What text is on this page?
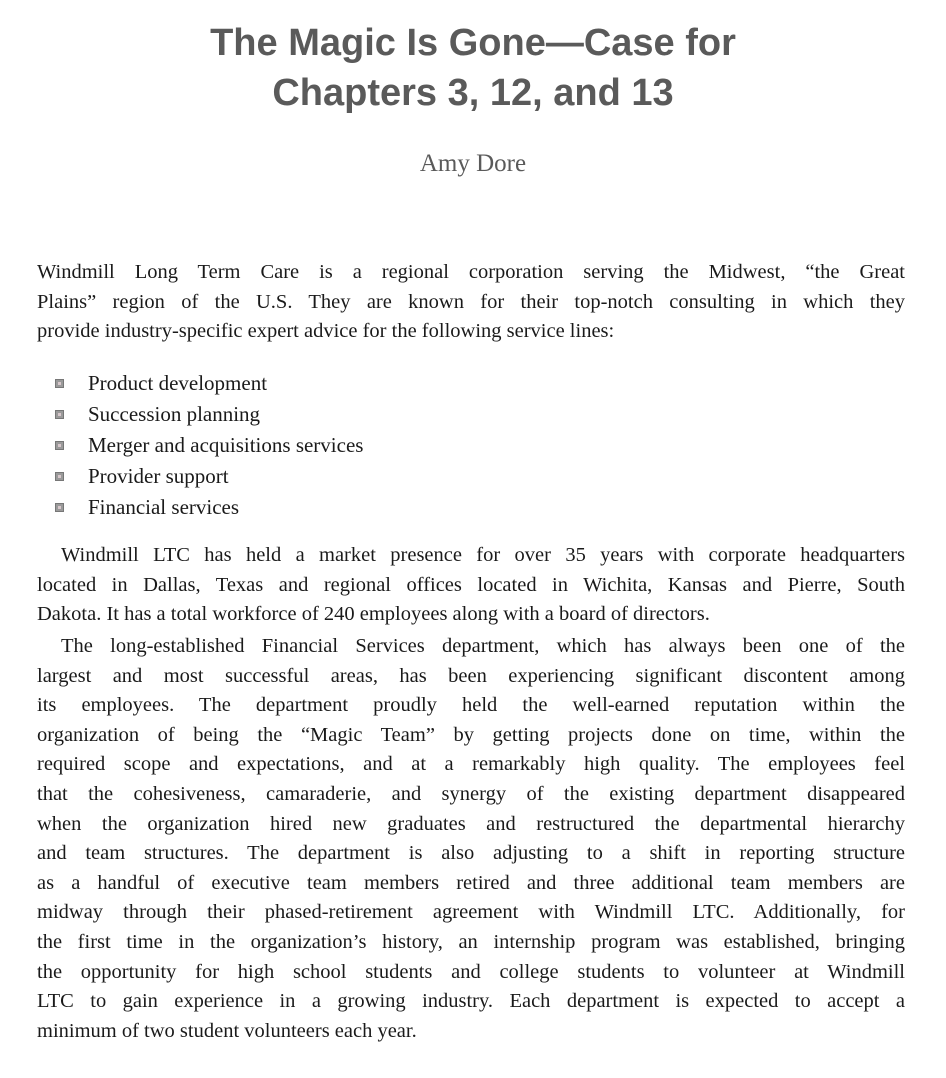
The Magic Is Gone—Case for
Chapters 3, 12, and 13
Amy Dore
Windmill Long Term Care is a regional corporation serving the Midwest, “the Great
Plains” region of the U.S. They are known for their top-notch consulting in which they
provide industry-specific expert advice for the following service lines:
Product development
Succession planning
Merger and acquisitions services
Provider support
Financial services
Windmill LTC has held a market presence for over 35 years with corporate headquarters
located in Dallas, Texas and regional offices located in Wichita, Kansas and Pierre, South
Dakota. It has a total workforce of 240 employees along with a board of directors.
The long-established Financial Services department, which has always been one of the
largest and most successful areas, has been experiencing significant discontent among
its employees. The department proudly held the well-earned reputation within the
organization of being the “Magic Team” by getting projects done on time, within the
required scope and expectations, and at a remarkably high quality. The employees feel
that the cohesiveness, camaraderie, and synergy of the existing department disappeared
when the organization hired new graduates and restructured the departmental hierarchy
and team structures. The department is also adjusting to a shift in reporting structure
as a handful of executive team members retired and three additional team members are
midway through their phased-retirement agreement with Windmill LTC. Additionally, for
the first time in the organization’s history, an internship program was established, bringing
the opportunity for high school students and college students to volunteer at Windmill
LTC to gain experience in a growing industry. Each department is expected to accept a
minimum of two student volunteers each year.
